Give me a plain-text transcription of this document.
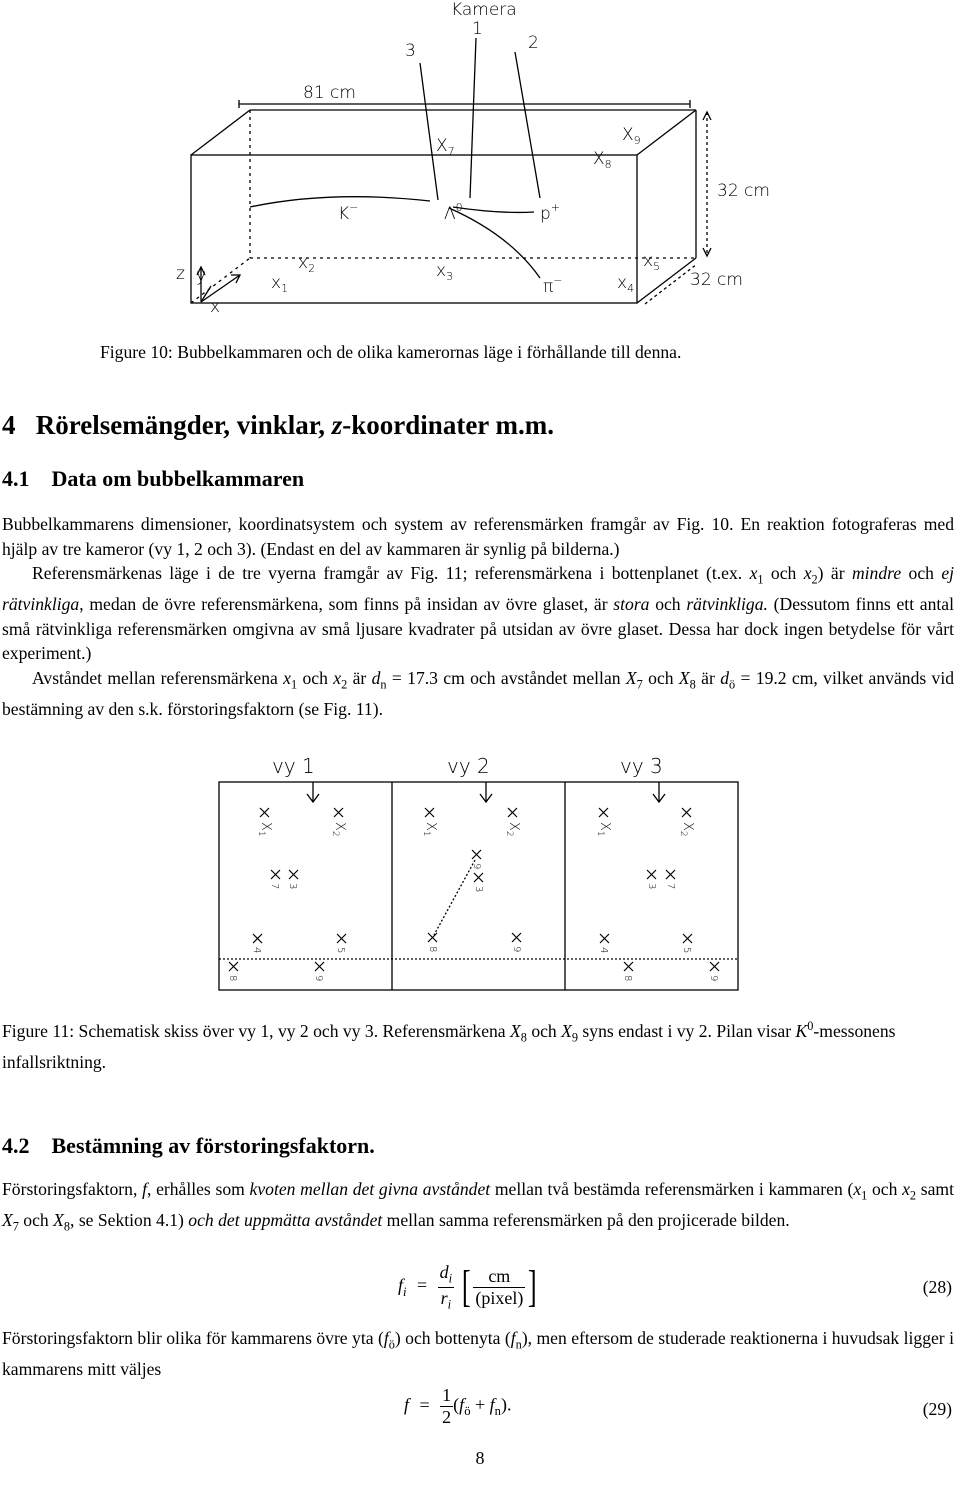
Kamera
1
2
3
81 cm
32 cm
32 cm
$X_7$	$X_8$
$X_9$
K−	$\Lambda^0$	p+
π−
$x_1$
$x_2$	$x_3$	$x_4$
$x_5$
z y
x
Figure 10: Bubbelkammaren och de olika kamerornas läge i förhållande till denna.
4 Rörelsemängder, vinklar, z-koordinater m.m.
4.1 Data om bubbelkammaren
Bubbelkammarens dimensioner, koordinatsystem och system av referensmärken framgår av Fig. 10. En reaktion fotograferas med hjälp av tre kameror (vy 1, 2 och 3). (Endast en del av kammaren är synlig på bilderna.)
Referensmärkenas läge i de tre vyerna framgår av Fig. 11; referensmärkena i bottenplanet (t.ex. $x_1$ och $x_2$) är mindre och ej rätvinkliga, medan de övre referensmärkena, som finns på insidan av övre glaset, är stora och rätvinkliga. (Dessutom finns ett antal små rätvinkliga referensmärken omgivna av små ljusare kvadrater på utsidan av övre glaset. Dessa har dock ingen betydelse för vårt experiment.)
Avståndet mellan referensmärkena $x_1$ och $x_2$ är $d_n = 17.3$ cm och avståndet mellan $X_7$ och $X_8$ är $d_ö = 19.2$ cm, vilket används vid bestämning av den s.k. förstoringsfaktorn (se Fig. 11).
vy 1	vy 2	vy 3
$X_1$
$X_2$
7 3
4	5
8	9
$X_1$
$X_2$
9
3
8	9
$X_1$
$X_2$
3 7
4	5
8	9
Figure 11: Schematisk skiss över vy 1, vy 2 och vy 3. Referensmärkena $X_8$ och $X_9$ syns endast i vy 2. Pilan visar $K^0$-messonens infallsriktning.
4.2 Bestämning av förstoringsfaktorn.
Förstoringsfaktorn, f, erhålles som kvoten mellan det givna avståndet mellan två bestämda referensmärken i kammaren ($x_1$ och $x_2$ samt $X_7$ och $X_8$, se Sektion 4.1) och det uppmätta avståndet mellan samma referensmärken på den projicerade bilden.
$f_i = \frac{d_i}{r_i}$ [ $\frac{cm}{\text{(pixel)}}$ ]	(28)
Förstoringsfaktorn blir olika för kammarens övre yta $(f_ö)$ och bottenyta $(f_n)$, men eftersom de studerade reaktionerna i huvudsak ligger i kammarens mitt väljes
$f = \frac{1}{2} (f_ö + f_n)$.	(29)
8
